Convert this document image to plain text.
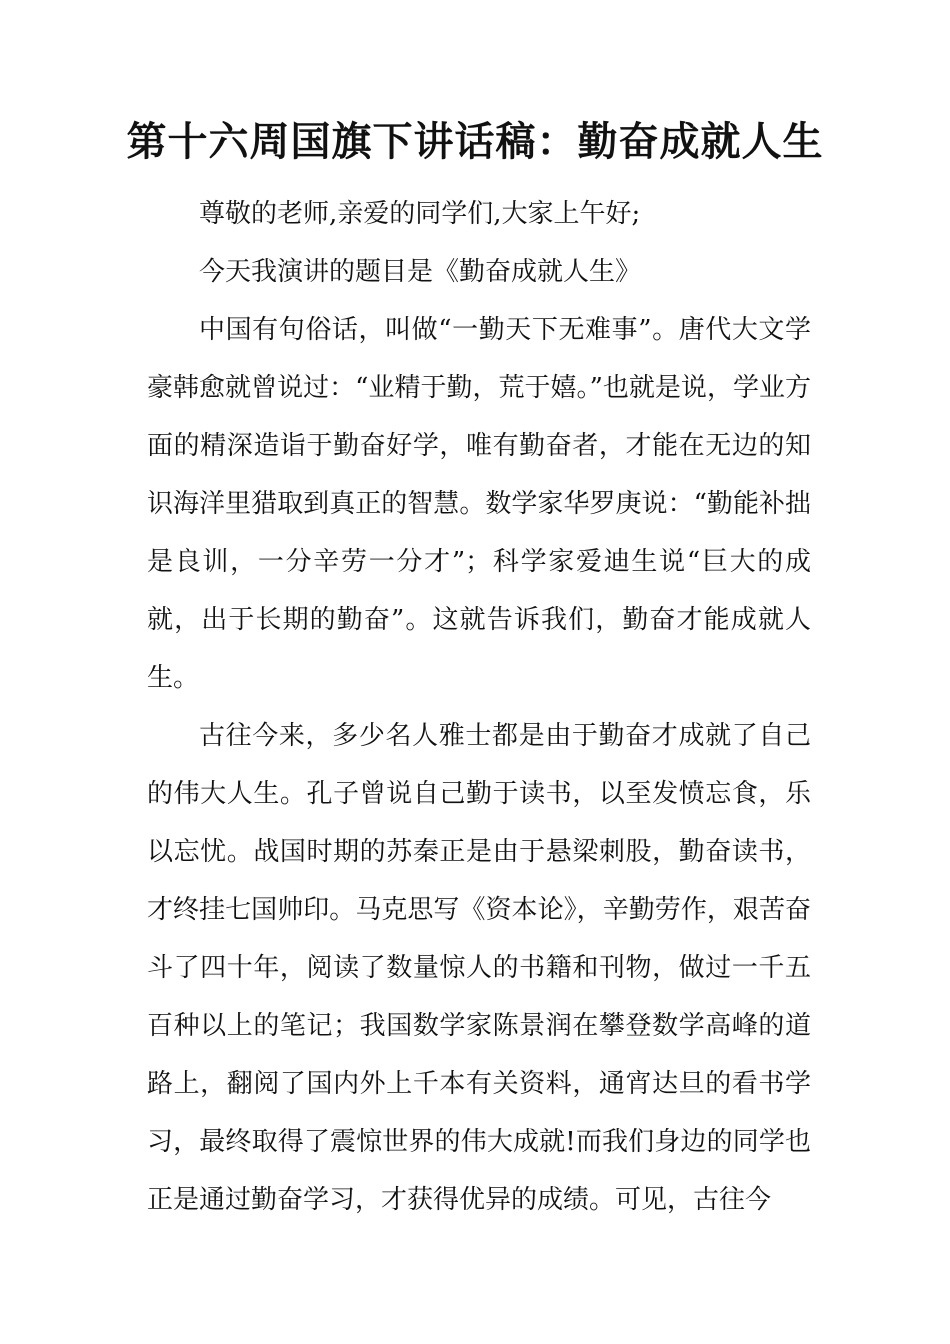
第十六周国旗下讲话稿：勤奋成就人生

尊敬的老师,亲爱的同学们,大家上午好;

今天我演讲的题目是《勤奋成就人生》

中国有句俗话，叫做“一勤天下无难事”。唐代大文学豪韩愈就曾说过：“业精于勤，荒于嬉。”也就是说，学业方面的精深造诣于勤奋好学，唯有勤奋者，才能在无边的知识海洋里猎取到真正的智慧。数学家华罗庚说：“勤能补拙是良训，一分辛劳一分才”；科学家爱迪生说“巨大的成就，出于长期的勤奋”。这就告诉我们，勤奋才能成就人生。

古往今来，多少名人雅士都是由于勤奋才成就了自己的伟大人生。孔子曾说自己勤于读书，以至发愤忘食，乐以忘忧。战国时期的苏秦正是由于悬梁刺股，勤奋读书，才终挂七国帅印。马克思写《资本论》，辛勤劳作，艰苦奋斗了四十年，阅读了数量惊人的书籍和刊物，做过一千五百种以上的笔记；我国数学家陈景润在攀登数学高峰的道路上，翻阅了国内外上千本有关资料，通宵达旦的看书学习，最终取得了震惊世界的伟大成就!而我们身边的同学也正是通过勤奋学习，才获得优异的成绩。可见，古往今
